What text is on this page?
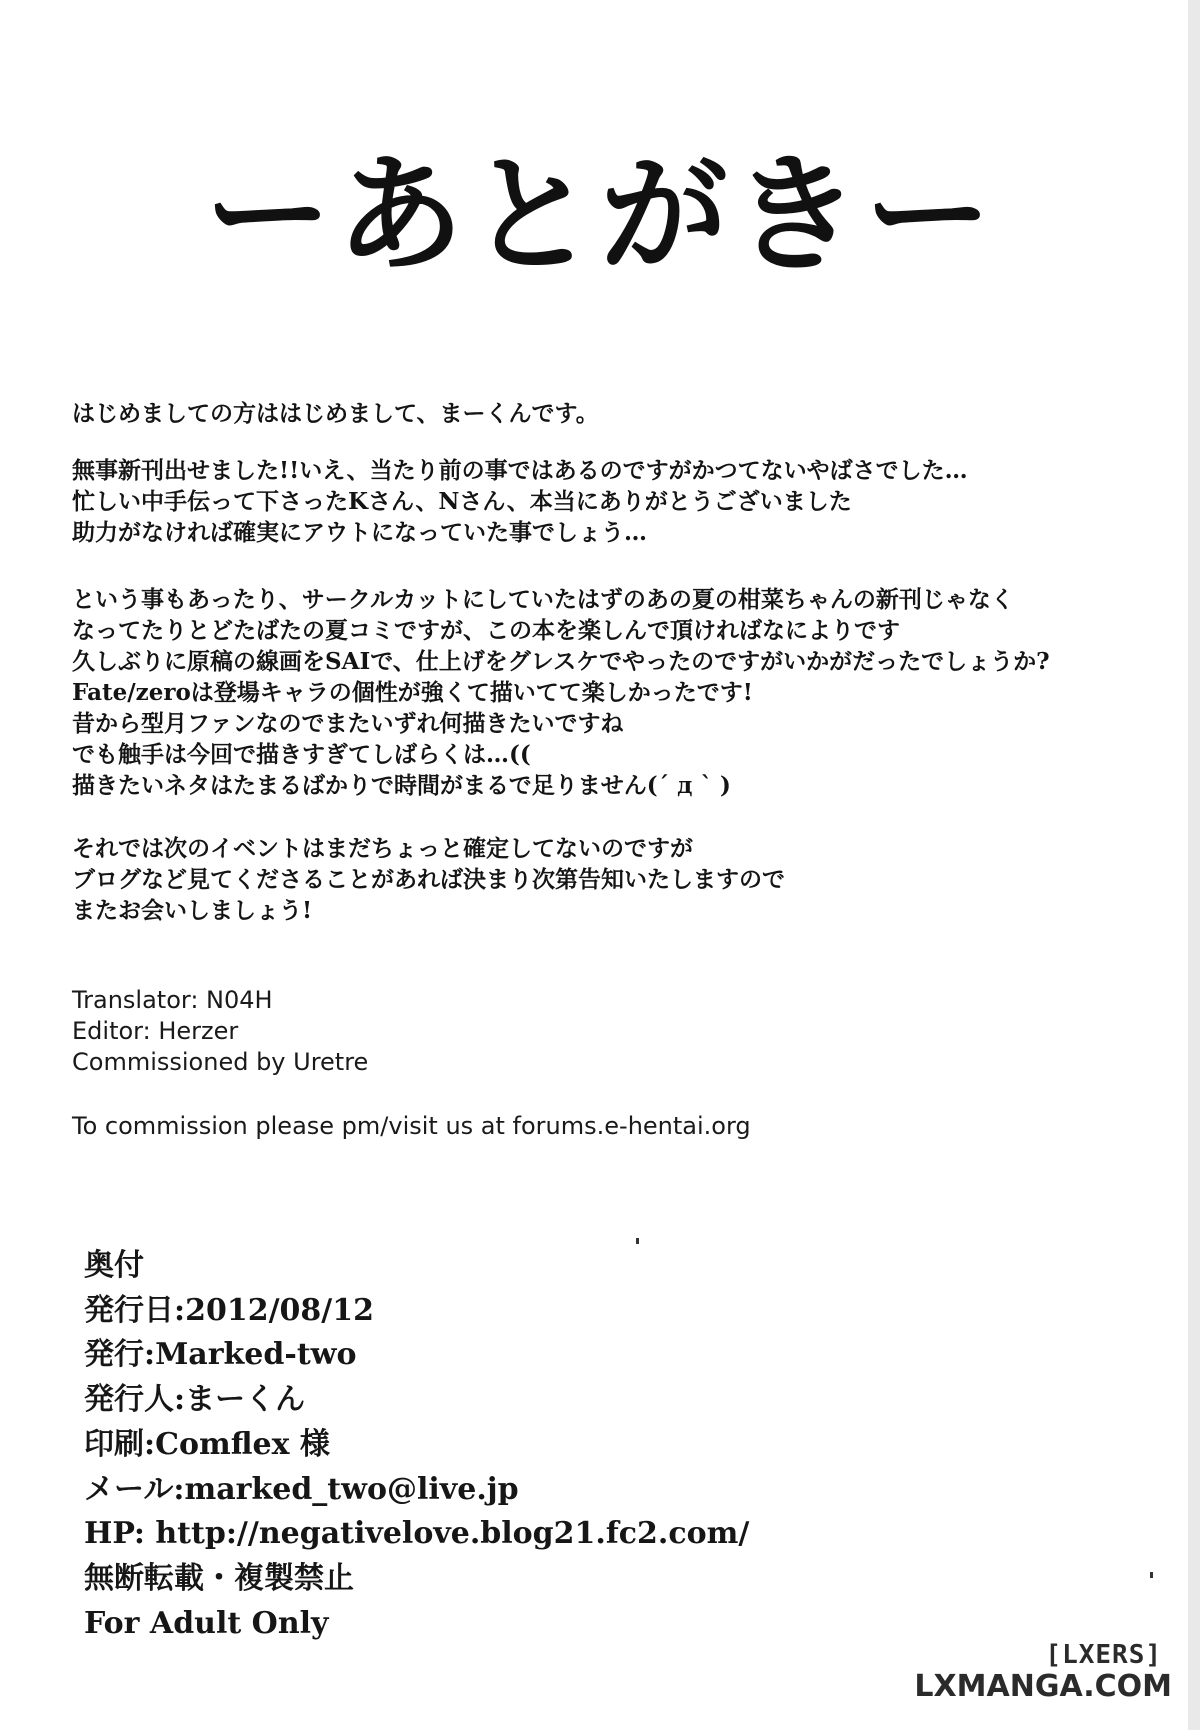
ーあとがきー

はじめましての方ははじめまして、まーくんです。

無事新刊出せました!!いえ、当たり前の事ではあるのですがかつてないやばさでした…

忙しい中手伝って下さったKさん、Nさん、本当にありがとうございました

助力がなければ確実にアウトになっていた事でしょう…

という事もあったり、サークルカットにしていたはずのあの夏の柑菜ちゃんの新刊じゃなく

なってたりとどたばたの夏コミですが、この本を楽しんで頂ければなによりです

久しぶりに原稿の線画をSAIで、仕上げをグレスケでやったのですがいかがだったでしょうか?

Fate/zeroは登場キャラの個性が強くて描いてて楽しかったです!

昔から型月ファンなのでまたいずれ何描きたいですね

でも触手は今回で描きすぎてしばらくは…((

描きたいネタはたまるばかりで時間がまるで足りません(´ д ` )

それでは次のイベントはまだちょっと確定してないのですが

ブログなど見てくださることがあれば決まり次第告知いたしますので

またお会いしましょう!

Translator: N04H

Editor: Herzer

Commissioned by Uretre

To commission please pm/visit us at forums.e-hentai.org

奥付

発行日:2012/08/12

発行:Marked-two

発行人:まーくん

印刷:Comflex 様

メール:marked_two@live.jp

HP: http://negativelove.blog21.fc2.com/

無断転載・複製禁止

For Adult Only

[LXERS]

LXMANGA.COM
